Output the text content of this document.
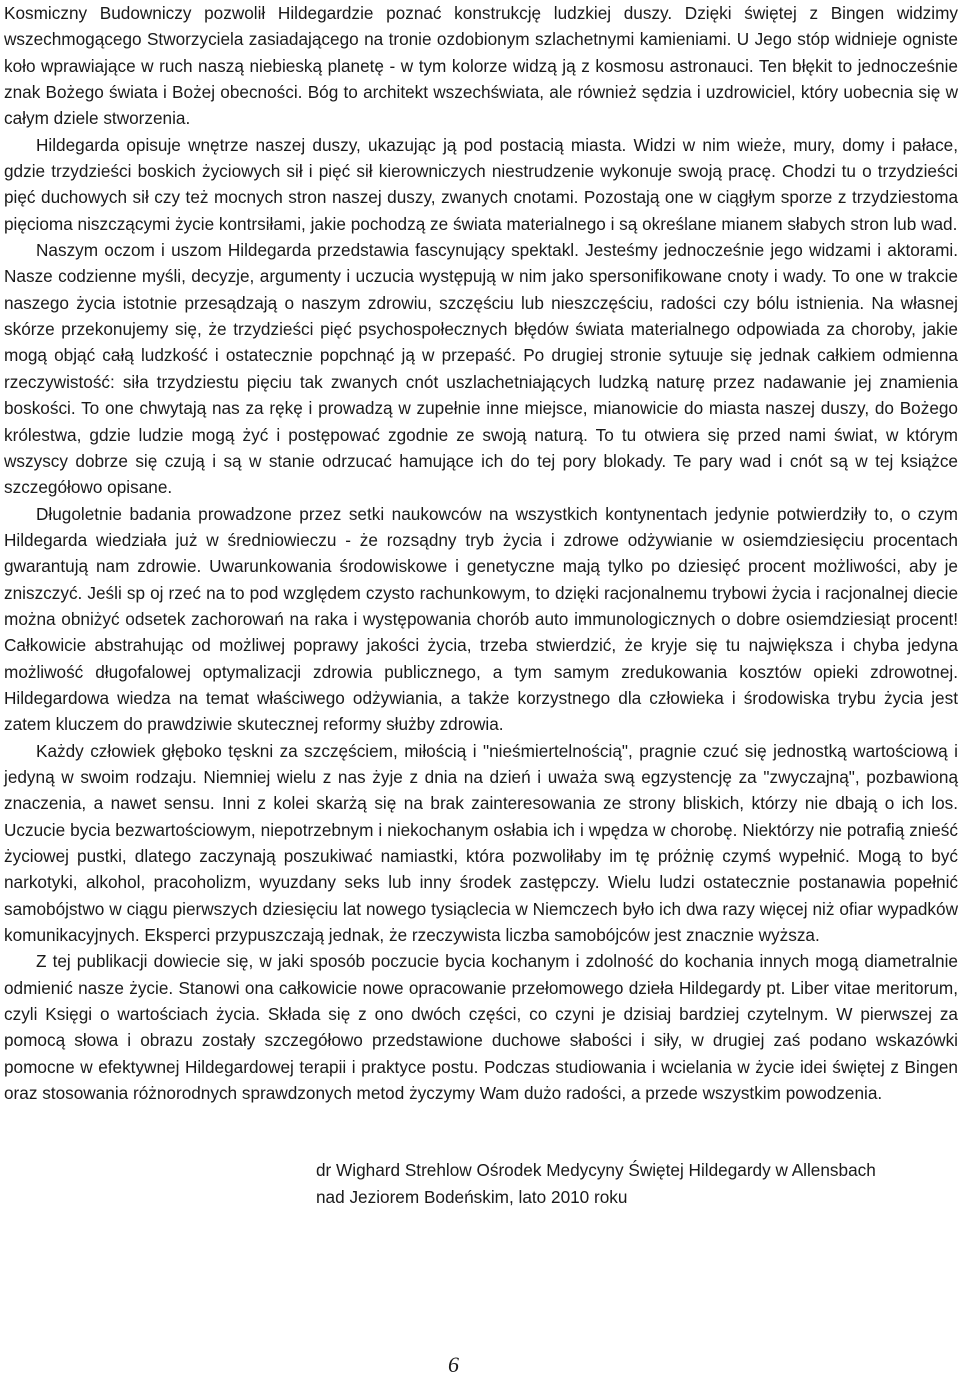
Kosmiczny Budowniczy pozwolił Hildegardzie poznać konstrukcję ludzkiej duszy. Dzięki świętej z Bingen widzimy wszechmogącego Stworzyciela zasiadającego na tronie ozdobionym szlachetnymi kamieniami. U Jego stóp widnieje ogniste koło wprawiające w ruch naszą niebieską planetę - w tym kolorze widzą ją z kosmosu astronauci. Ten błękit to jednocześnie znak Bożego świata i Bożej obecności. Bóg to architekt wszechświata, ale również sędzia i uzdrowiciel, który uobecnia się w całym dziele stworzenia.

Hildegarda opisuje wnętrze naszej duszy, ukazując ją pod postacią miasta. Widzi w nim wieże, mury, domy i pałace, gdzie trzydzieści boskich życiowych sił i pięć sił kierowniczych niestrudzenie wykonuje swoją pracę. Chodzi tu o trzydzieści pięć duchowych sił czy też mocnych stron naszej duszy, zwanych cnotami. Pozostają one w ciągłym sporze z trzydziestoma pięcioma niszczącymi życie kontrsiłami, jakie pochodzą ze świata materialnego i są określane mianem słabych stron lub wad.

Naszym oczom i uszom Hildegarda przedstawia fascynujący spektakl. Jesteśmy jednocześnie jego widzami i aktorami. Nasze codzienne myśli, decyzje, argumenty i uczucia występują w nim jako spersonifikowane cnoty i wady. To one w trakcie naszego życia istotnie przesądzają o naszym zdrowiu, szczęściu lub nieszczęściu, radości czy bólu istnienia. Na własnej skórze przekonujemy się, że trzydzieści pięć psychospołecznych błędów świata materialnego odpowiada za choroby, jakie mogą objąć całą ludzkość i ostatecznie popchnąć ją w przepaść. Po drugiej stronie sytuuje się jednak całkiem odmienna rzeczywistość: siła trzydziestu pięciu tak zwanych cnót uszlachetniających ludzką naturę przez nadawanie jej znamienia boskości. To one chwytają nas za rękę i prowadzą w zupełnie inne miejsce, mianowicie do miasta naszej duszy, do Bożego królestwa, gdzie ludzie mogą żyć i postępować zgodnie ze swoją naturą. To tu otwiera się przed nami świat, w którym wszyscy dobrze się czują i są w stanie odrzucać hamujące ich do tej pory blokady. Te pary wad i cnót są w tej książce szczegółowo opisane.

Długoletnie badania prowadzone przez setki naukowców na wszystkich kontynentach jedynie potwierdziły to, o czym Hildegarda wiedziała już w średniowieczu - że rozsądny tryb życia i zdrowe odżywianie w osiemdziesięciu procentach gwarantują nam zdrowie. Uwarunkowania środowiskowe i genetyczne mają tylko po dziesięć procent możliwości, aby je zniszczyć. Jeśli sp oj rzeć na to pod względem czysto rachunkowym, to dzięki racjonalnemu trybowi życia i racjonalnej diecie można obniżyć odsetek zachorowań na raka i występowania chorób auto immunologicznych o dobre osiemdziesiąt procent! Całkowicie abstrahując od możliwej poprawy jakości życia, trzeba stwierdzić, że kryje się tu największa i chyba jedyna możliwość długofalowej optymalizacji zdrowia publicznego, a tym samym zredukowania kosztów opieki zdrowotnej. Hildegardowa wiedza na temat właściwego odżywiania, a także korzystnego dla człowieka i środowiska trybu życia jest zatem kluczem do prawdziwie skutecznej reformy służby zdrowia.

Każdy człowiek głęboko tęskni za szczęściem, miłością i "nieśmiertelnością", pragnie czuć się jednostką wartościową i jedyną w swoim rodzaju. Niemniej wielu z nas żyje z dnia na dzień i uważa swą egzystencję za "zwyczajną", pozbawioną znaczenia, a nawet sensu. Inni z kolei skarżą się na brak zainteresowania ze strony bliskich, którzy nie dbają o ich los. Uczucie bycia bezwartościowym, niepotrzebnym i niekochanym osłabia ich i wpędza w chorobę. Niektórzy nie potrafią znieść życiowej pustki, dlatego zaczynają poszukiwać namiastki, która pozwoliłaby im tę próżnię czymś wypełnić. Mogą to być narkotyki, alkohol, pracoholizm, wyuzdany seks lub inny środek zastępczy. Wielu ludzi ostatecznie postanawia popełnić samobójstwo w ciągu pierwszych dziesięciu lat nowego tysiąclecia w Niemczech było ich dwa razy więcej niż ofiar wypadków komunikacyjnych. Eksperci przypuszczają jednak, że rzeczywista liczba samobójców jest znacznie wyższa.

Z tej publikacji dowiecie się, w jaki sposób poczucie bycia kochanym i zdolność do kochania innych mogą diametralnie odmienić nasze życie. Stanowi ona całkowicie nowe opracowanie przełomowego dzieła Hildegardy pt. Liber vitae meritorum, czyli Księgi o wartościach życia. Składa się z ono dwóch części, co czyni je dzisiaj bardziej czytelnym. W pierwszej za pomocą słowa i obrazu zostały szczegółowo przedstawione duchowe słabości i siły, w drugiej zaś podano wskazówki pomocne w efektywnej Hildegardowej terapii i praktyce postu. Podczas studiowania i wcielania w życie idei świętej z Bingen oraz stosowania różnorodnych sprawdzonych metod życzymy Wam dużo radości, a przede wszystkim powodzenia.

dr Wighard Strehlow Ośrodek Medycyny Świętej Hildegardy w Allensbach
nad Jeziorem Bodeńskim, lato 2010 roku
6
